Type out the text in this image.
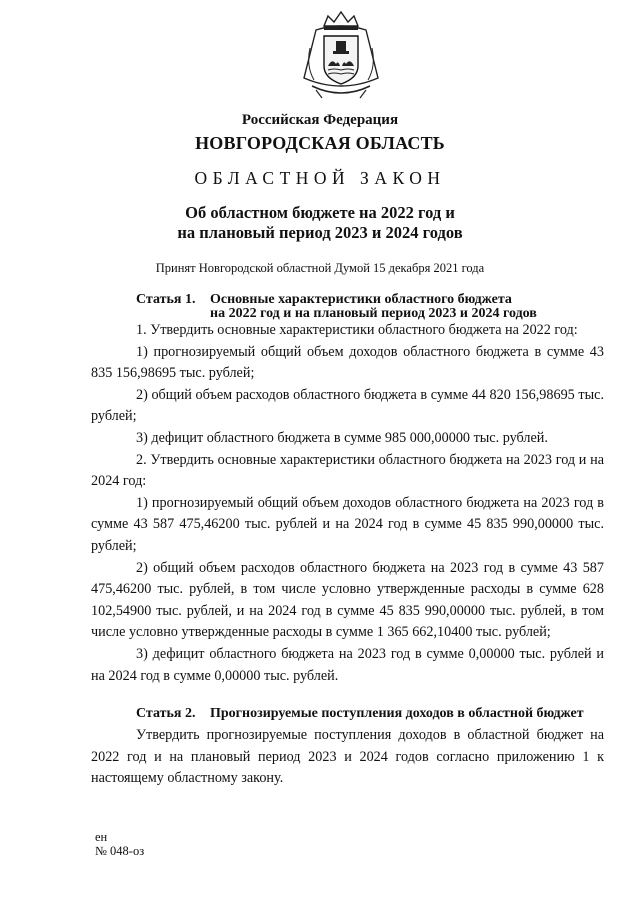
Российская Федерация
НОВГОРОДСКАЯ ОБЛАСТЬ
ОБЛАСТНОЙ ЗАКОН
Об областном бюджете на 2022 год и
на плановый период 2023 и 2024 годов
Принят Новгородской областной Думой 15 декабря 2021 года
Статья 1. Основные характеристики областного бюджета
на 2022 год и на плановый период 2023 и 2024 годов

1. Утвердить основные характеристики областного бюджета на 2022 год:

1) прогнозируемый общий объем доходов областного бюджета в сумме 43 835 156,98695 тыс. рублей;

2) общий объем расходов областного бюджета в сумме 44 820 156,98695 тыс. рублей;

3) дефицит областного бюджета в сумме 985 000,00000 тыс. рублей.

2. Утвердить основные характеристики областного бюджета на 2023 год и на 2024 год:

1) прогнозируемый общий объем доходов областного бюджета на 2023 год в сумме 43 587 475,46200 тыс. рублей и на 2024 год в сумме 45 835 990,00000 тыс. рублей;

2) общий объем расходов областного бюджета на 2023 год в сумме 43 587 475,46200 тыс. рублей, в том числе условно утвержденные расходы в сумме 628 102,54900 тыс. рублей, и на 2024 год в сумме 45 835 990,00000 тыс. рублей, в том числе условно утвержденные расходы в сумме 1 365 662,10400 тыс. рублей;

3) дефицит областного бюджета на 2023 год в сумме 0,00000 тыс. рублей и на 2024 год в сумме 0,00000 тыс. рублей.

Статья 2. Прогнозируемые поступления доходов в областной бюджет

Утвердить прогнозируемые поступления доходов в областной бюджет на 2022 год и на плановый период 2023 и 2024 годов согласно приложению 1 к настоящему областному закону.

ен
№ 048-оз
